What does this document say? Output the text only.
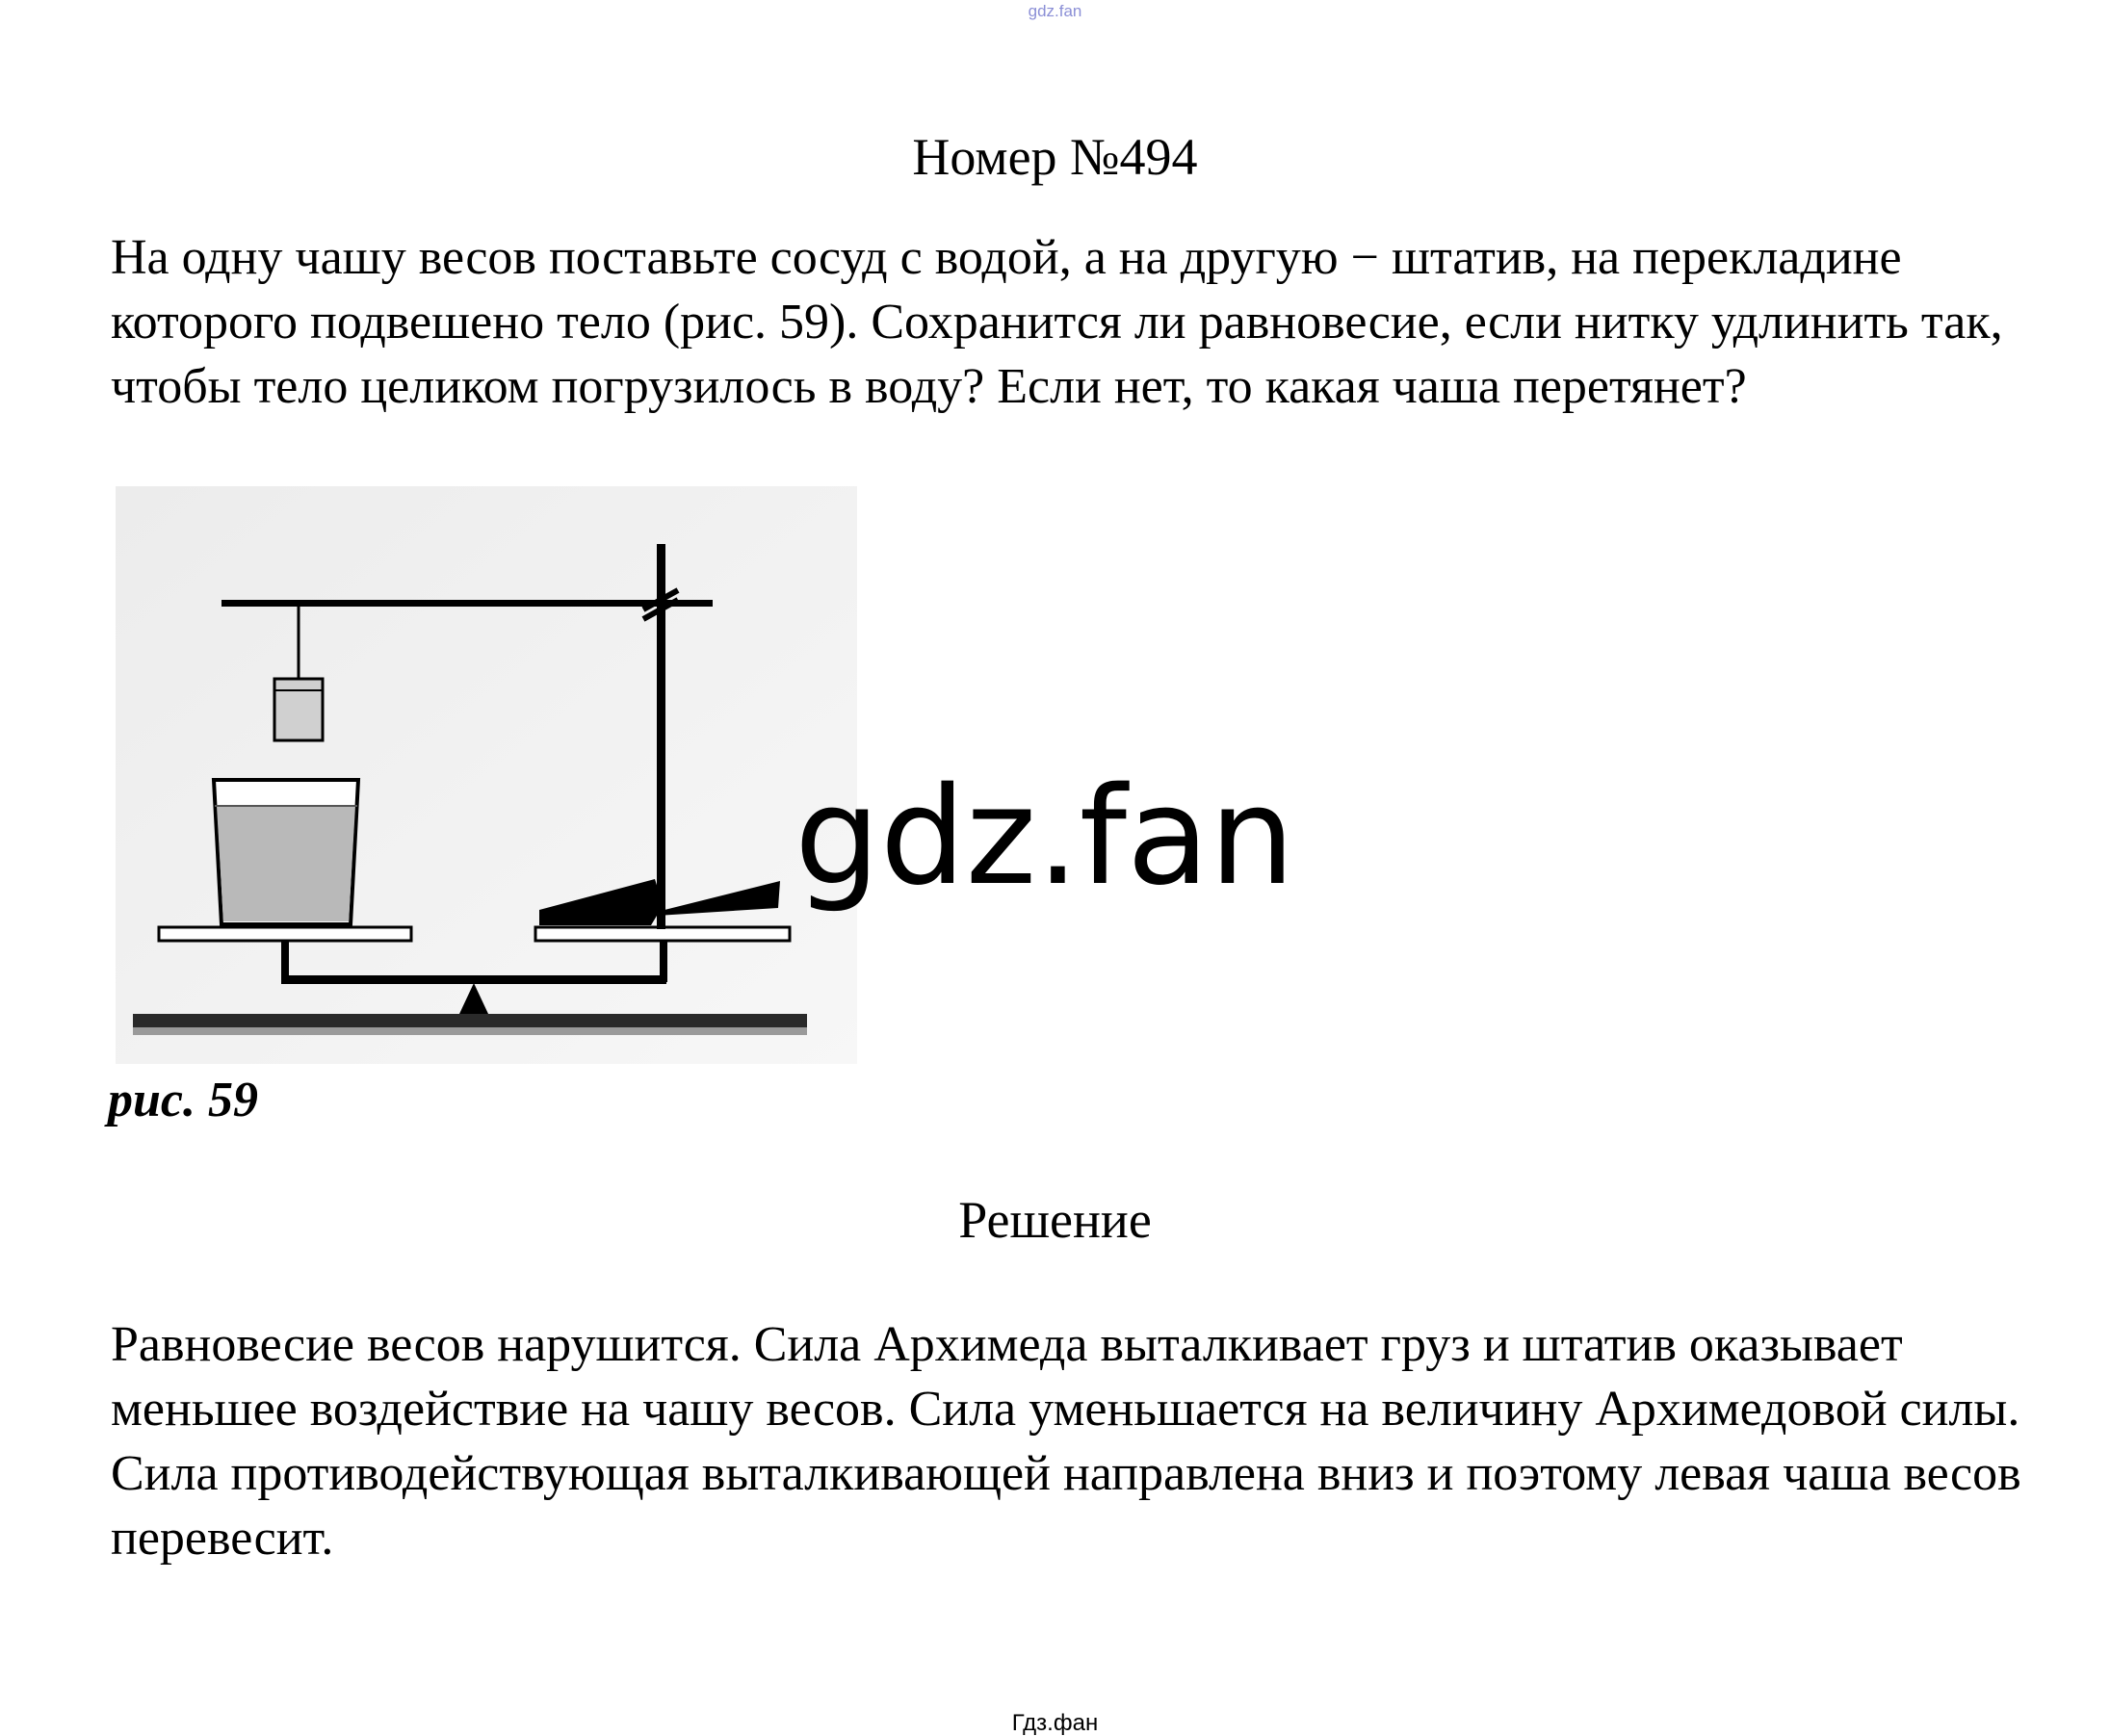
gdz.fan
Номер №494

На одну чашу весов поставьте сосуд с водой, а на другую − штатив, на перекладине которого подвешено тело (рис. 59). Сохранится ли равновесие, если нитку удлинить так, чтобы тело целиком погрузилось в воду? Если нет, то какая чаша перетянет?

рис. 59
gdz.fan
Решение

Равновесие весов нарушится. Сила Архимеда выталкивает груз и штатив оказывает меньшее воздействие на чашу весов. Сила уменьшается на величину Архимедовой силы. Сила противодействующая выталкивающей направлена вниз и поэтому левая чаша весов перевесит.

Гдз.фан
